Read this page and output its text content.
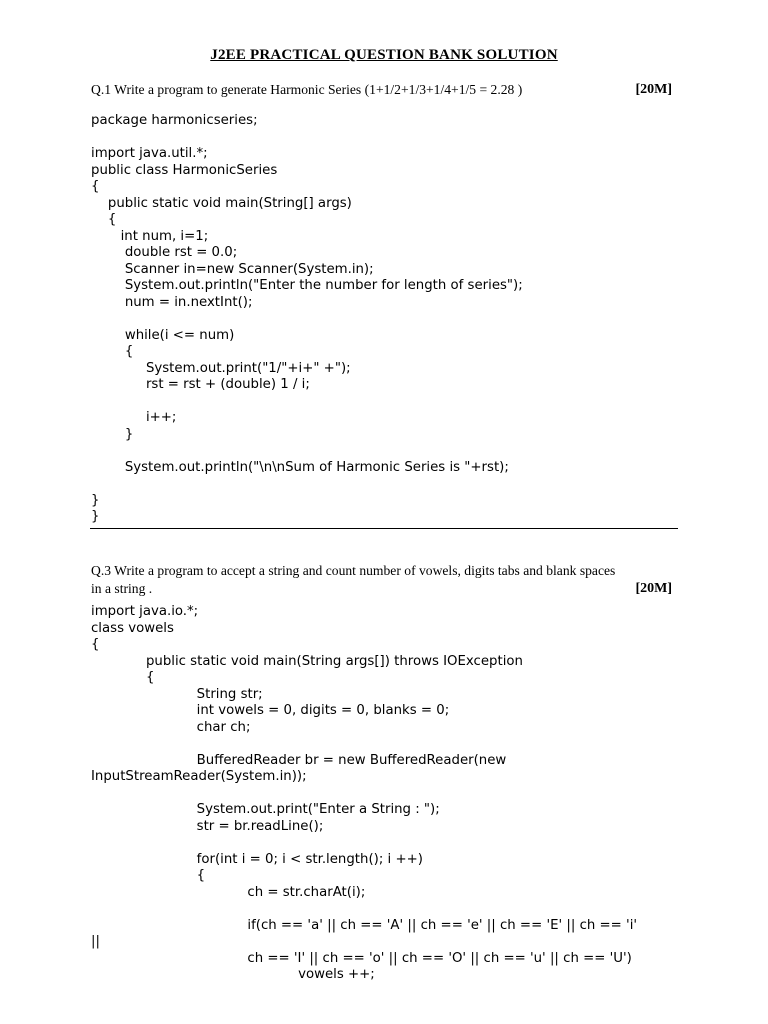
J2EE PRACTICAL QUESTION BANK SOLUTION
Q.1 Write a program to generate Harmonic Series (1+1/2+1/3+1/4+1/5 = 2.28 )	[20M]
package harmonicseries;

import java.util.*;
public class HarmonicSeries
{
public static void main(String[] args)
{
int num, i=1;
double rst = 0.0;
Scanner in=new Scanner(System.in);
System.out.println("Enter the number for length of series");
num = in.nextInt();

while(i <= num)
{
System.out.print("1/"+i+" +");
rst = rst + (double) 1 / i;

i++;
}

System.out.println("\n\nSum of Harmonic Series is "+rst);

}
}
Q.3 Write a program to accept a string and count number of vowels, digits tabs and blank spaces
in a string .	[20M]
import java.io.*;
class vowels
{
public static void main(String args[]) throws IOException
{
String str;
int vowels = 0, digits = 0, blanks = 0;
char ch;

BufferedReader br = new BufferedReader(new
InputStreamReader(System.in));

System.out.print("Enter a String : ");
str = br.readLine();

for(int i = 0; i < str.length(); i ++)
{
ch = str.charAt(i);

if(ch == 'a' || ch == 'A' || ch == 'e' || ch == 'E' || ch == 'i'
||
ch == 'I' || ch == 'o' || ch == 'O' || ch == 'u' || ch == 'U')
vowels ++;
